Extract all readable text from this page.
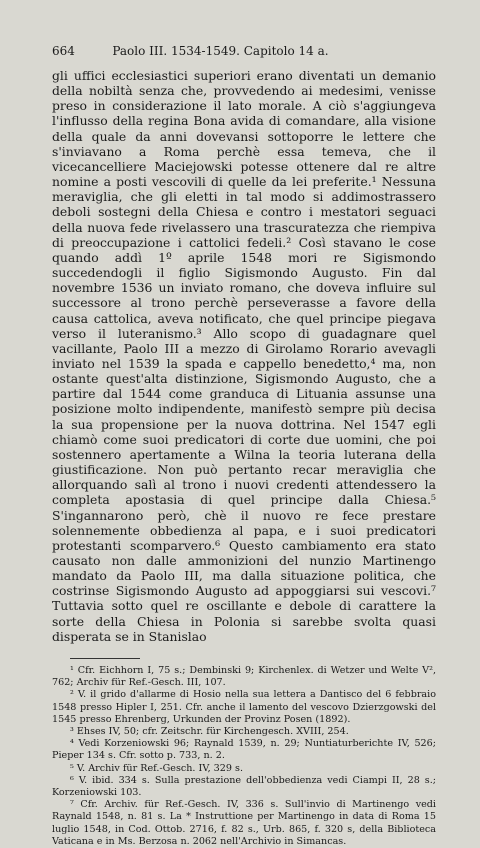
664	Paolo III. 1534-1549. Capitolo 14 a.

gli uffici ecclesiastici superiori erano diventati un demanio della nobiltà senza che, provvedendo ai medesimi, venisse preso in considerazione il lato morale. A ciò s'aggiungeva l'influsso della regina Bona avida di comandare, alla visione della quale da anni dovevansi sottoporre le lettere che s'inviavano a Roma perchè essa temeva, che il vicecancelliere Maciejowski potesse ottenere dal re altre nomine a posti vescovili di quelle da lei preferite.¹ Nessuna meraviglia, che gli eletti in tal modo si addimostrassero deboli sostegni della Chiesa e contro i mestatori seguaci della nuova fede rivelassero una trascuratezza che riempiva di preoccupazione i cattolici fedeli.² Così stavano le cose quando addì 1º aprile 1548 mori re Sigismondo succedendogli il figlio Sigismondo Augusto. Fin dal novembre 1536 un inviato romano, che doveva influire sul successore al trono perchè perseverasse a favore della causa cattolica, aveva notificato, che quel principe piegava verso il luteranismo.³ Allo scopo di guadagnare quel vacillante, Paolo III a mezzo di Girolamo Rorario avevagli inviato nel 1539 la spada e cappello benedetto,⁴ ma, non ostante quest'alta distinzione, Sigismondo Augusto, che a partire dal 1544 come granduca di Lituania assunse una posizione molto indipendente, manifestò sempre più decisa la sua propensione per la nuova dottrina. Nel 1547 egli chiamò come suoi predicatori di corte due uomini, che poi sostennero apertamente a Wilna la teoria luterana della giustificazione. Non può pertanto recar meraviglia che allorquando salì al trono i nuovi credenti attendessero la completa apostasia di quel principe dalla Chiesa.⁵ S'ingannarono però, chè il nuovo re fece prestare solennemente obbedienza al papa, e i suoi predicatori protestanti scomparvero.⁶ Questo cambiamento era stato causato non dalle ammonizioni del nunzio Martinengo mandato da Paolo III, ma dalla situazione politica, che costrinse Sigismondo Augusto ad appoggiarsi sui vescovi.⁷ Tuttavia sotto quel re oscillante e debole di carattere la sorte della Chiesa in Polonia si sarebbe svolta quasi disperata se in Stanislao

¹ Cfr. Eichhorn I, 75 s.; Dembinski 9; Kirchenlex. di Wetzer und Welte V², 762; Archiv für Ref.-Gesch. III, 107.

² V. il grido d'allarme di Hosio nella sua lettera a Dantisco del 6 febbraio 1548 presso Hipler I, 251. Cfr. anche il lamento del vescovo Dzierzgowski del 1545 presso Ehrenberg, Urkunden der Provinz Posen (1892).

³ Ehses IV, 50; cfr. Zeitschr. für Kirchengesch. XVIII, 254.

⁴ Vedi Korzeniowski 96; Raynald 1539, n. 29; Nuntiaturberichte IV, 526; Pieper 134 s. Cfr. sotto p. 733, n. 2.

⁵ V. Archiv für Ref.-Gesch. IV, 329 s.

⁶ V. ibid. 334 s. Sulla prestazione dell'obbedienza vedi Ciampi II, 28 s.; Korzeniowski 103.

⁷ Cfr. Archiv. für Ref.-Gesch. IV, 336 s. Sull'invio di Martinengo vedi Raynald 1548, n. 81 s. La * Instruttione per Martinengo in data di Roma 15 luglio 1548, in Cod. Ottob. 2716, f. 82 s., Urb. 865, f. 320 s, della Biblioteca Vaticana e in Ms. Berzosa n. 2062 nell'Archivio in Simancas.
